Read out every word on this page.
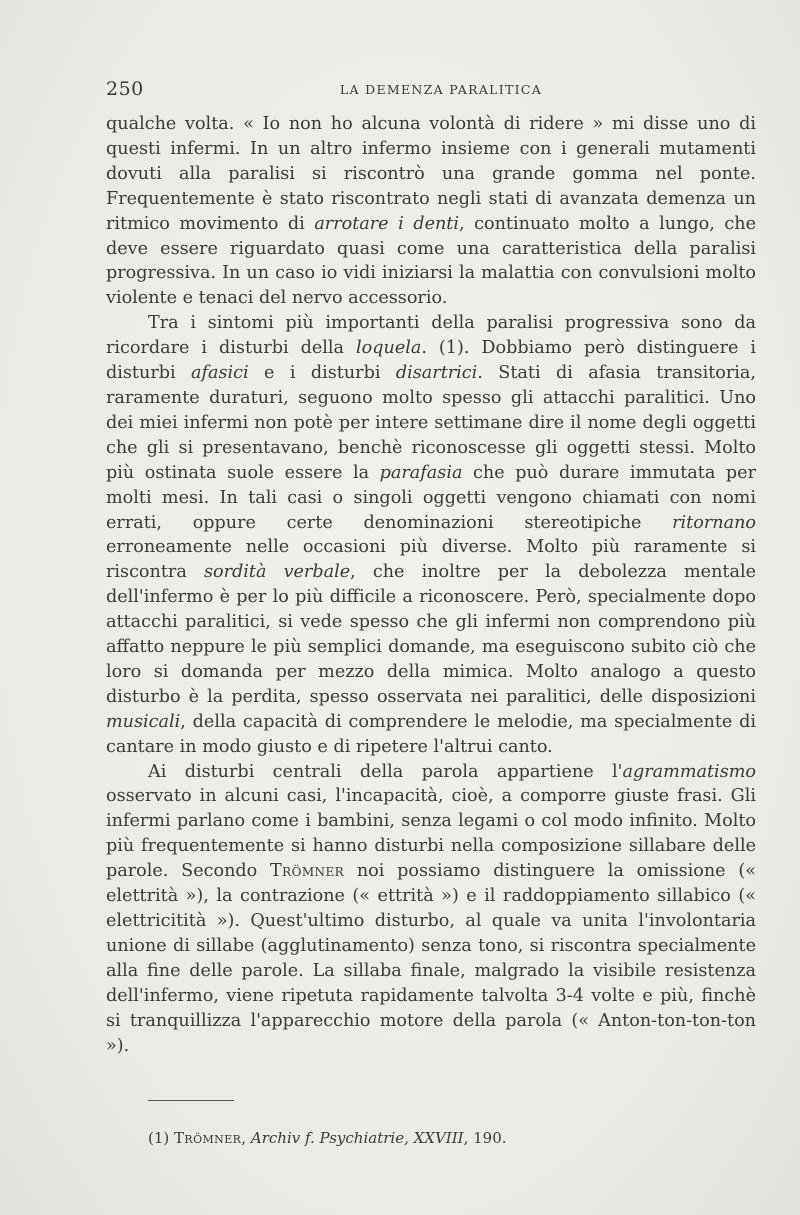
250	LA DEMENZA PARALITICA

qualche volta. « Io non ho alcuna volontà di ridere » mi disse uno di questi infermi. In un altro infermo insieme con i generali mutamenti dovuti alla paralisi si riscontrò una grande gomma nel ponte. Frequentemente è stato riscontrato negli stati di avanzata demenza un ritmico movimento di arrotare i denti, continuato molto a lungo, che deve essere riguardato quasi come una caratteristica della paralisi progressiva. In un caso io vidi iniziarsi la malattia con convulsioni molto violente e tenaci del nervo accessorio.

Tra i sintomi più importanti della paralisi progressiva sono da ricordare i disturbi della loquela. (1). Dobbiamo però distinguere i disturbi afasici e i disturbi disartrici. Stati di afasia transitoria, raramente duraturi, seguono molto spesso gli attacchi paralitici. Uno dei miei infermi non potè per intere settimane dire il nome degli oggetti che gli si presentavano, benchè riconoscesse gli oggetti stessi. Molto più ostinata suole essere la parafasia che può durare immutata per molti mesi. In tali casi o singoli oggetti vengono chiamati con nomi errati, oppure certe denominazioni stereotipiche ritornano erroneamente nelle occasioni più diverse. Molto più raramente si riscontra sordità verbale, che inoltre per la debolezza mentale dell'infermo è per lo più difficile a riconoscere. Però, specialmente dopo attacchi paralitici, si vede spesso che gli infermi non comprendono più affatto neppure le più semplici domande, ma eseguiscono subito ciò che loro si domanda per mezzo della mimica. Molto analogo a questo disturbo è la perdita, spesso osservata nei paralitici, delle disposizioni musicali, della capacità di comprendere le melodie, ma specialmente di cantare in modo giusto e di ripetere l'altrui canto.

Ai disturbi centrali della parola appartiene l'agrammatismo osservato in alcuni casi, l'incapacità, cioè, a comporre giuste frasi. Gli infermi parlano come i bambini, senza legami o col modo infinito. Molto più frequentemente si hanno disturbi nella composizione sillabare delle parole. Secondo Trömner noi possiamo distinguere la omissione (« elettrità »), la contrazione (« ettrità ») e il raddoppiamento sillabico (« elettricitità »). Quest'ultimo disturbo, al quale va unita l'involontaria unione di sillabe (agglutinamento) senza tono, si riscontra specialmente alla fine delle parole. La sillaba finale, malgrado la visibile resistenza dell'infermo, viene ripetuta rapidamente talvolta 3-4 volte e più, finchè si tranquillizza l'apparecchio motore della parola (« Anton-ton-ton-ton »).

(1) Trömner, Archiv f. Psychiatrie, XXVIII, 190.
